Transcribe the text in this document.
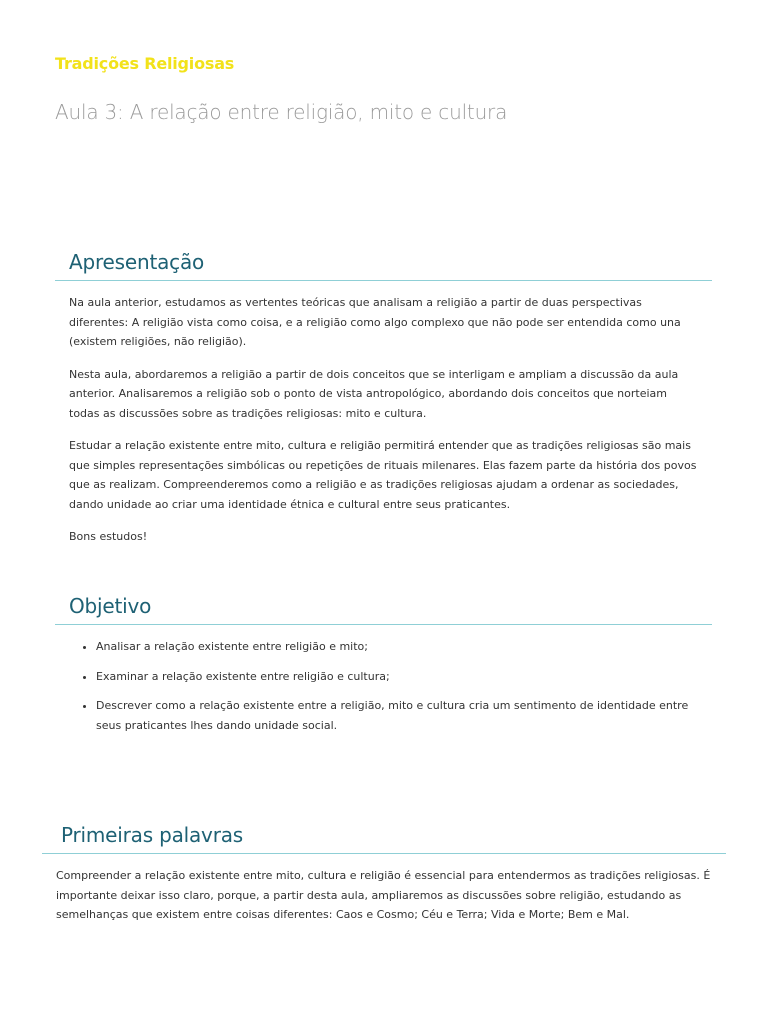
Tradições Religiosas
Aula 3: A relação entre religião, mito e cultura
Apresentação

Na aula anterior, estudamos as vertentes teóricas que analisam a religião a partir de duas perspectivas diferentes: A religião vista como coisa, e a religião como algo complexo que não pode ser entendida como una (existem religiões, não religião).

Nesta aula, abordaremos a religião a partir de dois conceitos que se interligam e ampliam a discussão da aula anterior. Analisaremos a religião sob o ponto de vista antropológico, abordando dois conceitos que norteiam todas as discussões sobre as tradições religiosas: mito e cultura.

Estudar a relação existente entre mito, cultura e religião permitirá entender que as tradições religiosas são mais que simples representações simbólicas ou repetições de rituais milenares. Elas fazem parte da história dos povos que as realizam. Compreenderemos como a religião e as tradições religiosas ajudam a ordenar as sociedades, dando unidade ao criar uma identidade étnica e cultural entre seus praticantes.

Bons estudos!

Objetivo
• Analisar a relação existente entre religião e mito;
• Examinar a relação existente entre religião e cultura;
• Descrever como a relação existente entre a religião, mito e cultura cria um sentimento de identidade entre seus praticantes lhes dando unidade social.
Primeiras palavras

Compreender a relação existente entre mito, cultura e religião é essencial para entendermos as tradições religiosas. É importante deixar isso claro, porque, a partir desta aula, ampliaremos as discussões sobre religião, estudando as semelhanças que existem entre coisas diferentes: Caos e Cosmo; Céu e Terra; Vida e Morte; Bem e Mal.
